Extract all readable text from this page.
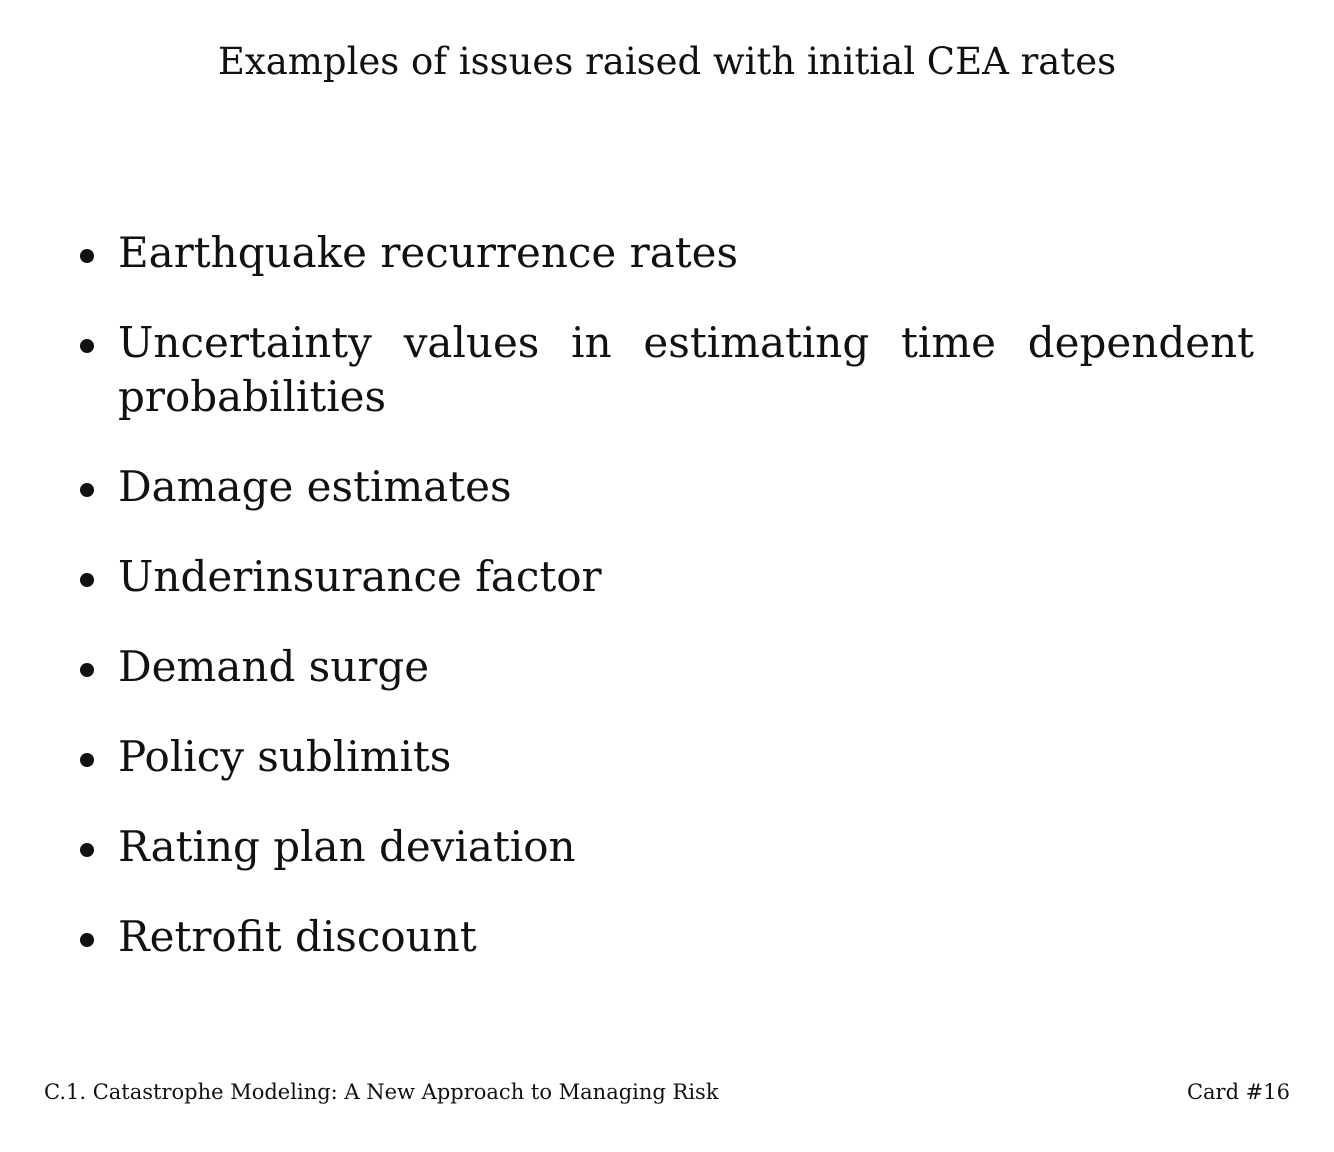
Examples of issues raised with initial CEA rates
Earthquake recurrence rates
Uncertainty values in estimating time dependent probabilities
Damage estimates
Underinsurance factor
Demand surge
Policy sublimits
Rating plan deviation
Retrofit discount
C.1. Catastrophe Modeling: A New Approach to Managing Risk	Card #16
